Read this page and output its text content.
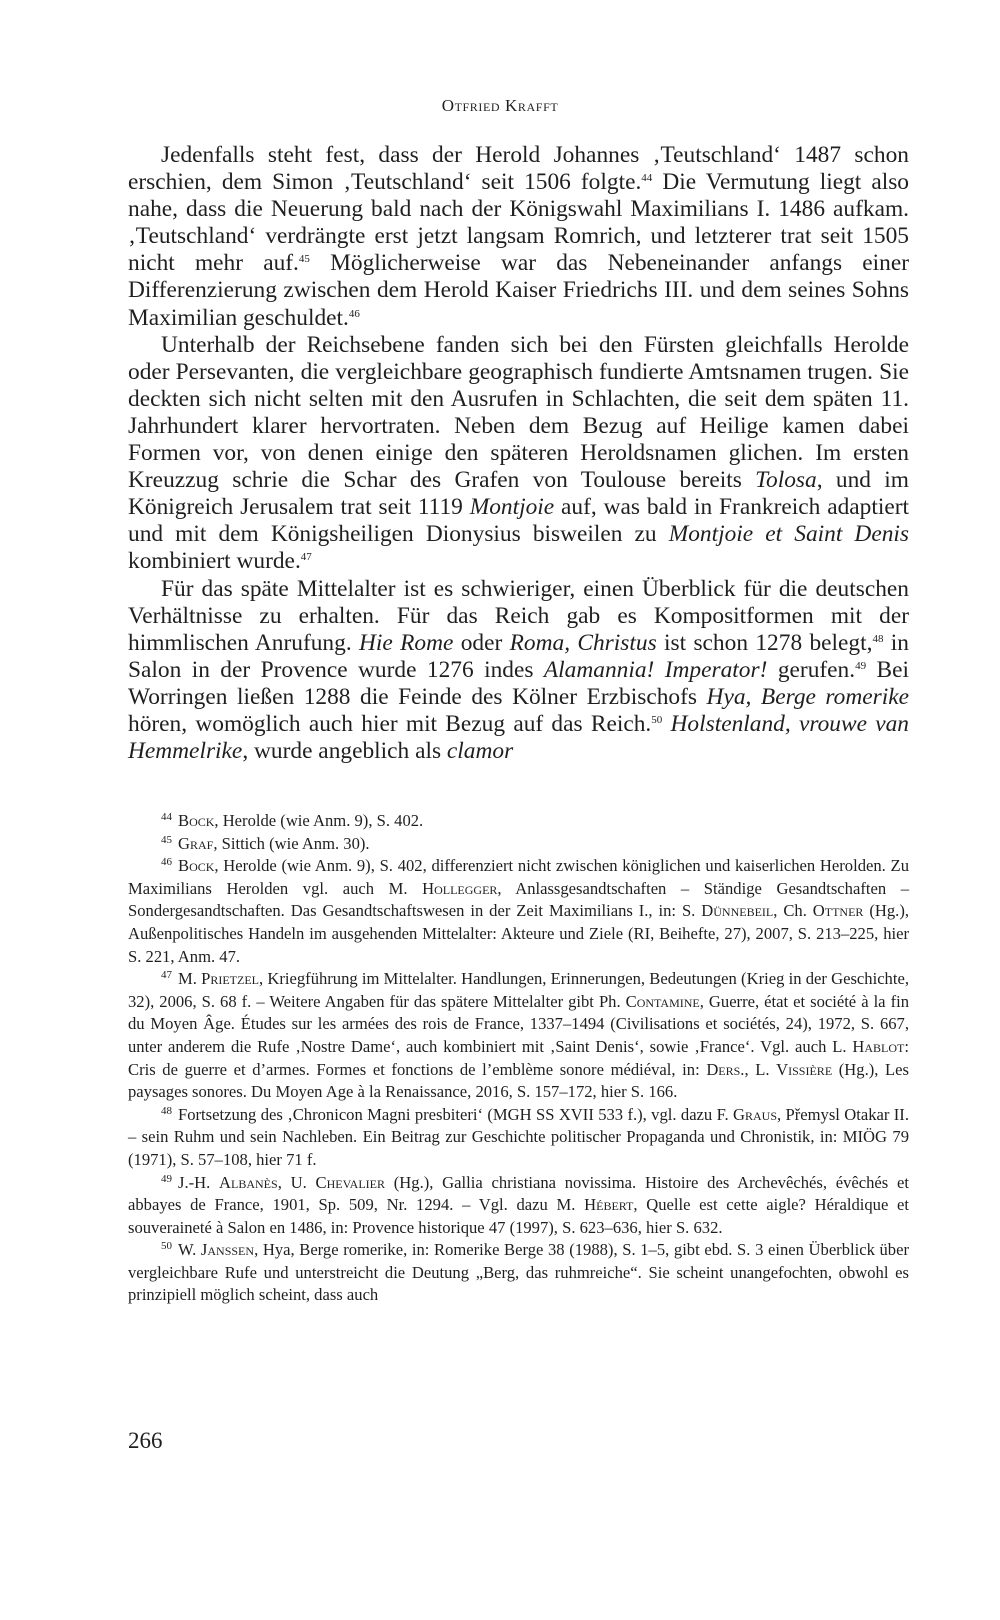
Otfried Krafft

Jedenfalls steht fest, dass der Herold Johannes ‚Teutschland‘ 1487 schon erschien, dem Simon ‚Teutschland‘ seit 1506 folgte.$^{44}$ Die Vermutung liegt also nahe, dass die Neuerung bald nach der Königswahl Maximilians I. 1486 aufkam. ‚Teutschland‘ verdrängte erst jetzt langsam Romrich, und letzterer trat seit 1505 nicht mehr auf.$^{45}$ Möglicherweise war das Nebeneinander anfangs einer Differenzierung zwischen dem Herold Kaiser Friedrichs III. und dem seines Sohns Maximilian geschuldet.$^{46}$

Unterhalb der Reichsebene fanden sich bei den Fürsten gleichfalls Herolde oder Persevanten, die vergleichbare geographisch fundierte Amtsnamen trugen. Sie deckten sich nicht selten mit den Ausrufen in Schlachten, die seit dem späten 11. Jahrhundert klarer hervortraten. Neben dem Bezug auf Heilige kamen dabei Formen vor, von denen einige den späteren Heroldsnamen glichen. Im ersten Kreuzzug schrie die Schar des Grafen von Toulouse bereits Tolosa, und im Königreich Jerusalem trat seit 1119 Montjoie auf, was bald in Frankreich adaptiert und mit dem Königsheiligen Dionysius bisweilen zu Montjoie et Saint Denis kombiniert wurde.$^{47}$

Für das späte Mittelalter ist es schwieriger, einen Überblick für die deutschen Verhältnisse zu erhalten. Für das Reich gab es Kompositformen mit der himmlischen Anrufung. Hie Rome oder Roma, Christus ist schon 1278 belegt,$^{48}$ in Salon in der Provence wurde 1276 indes Alamannia! Imperator! gerufen.$^{49}$ Bei Worringen ließen 1288 die Feinde des Kölner Erzbischofs Hya, Berge romerike hören, womöglich auch hier mit Bezug auf das Reich.$^{50}$ Holstenland, vrouwe van Hemmelrike, wurde angeblich als clamor

$^{44}$ Bock, Herolde (wie Anm. 9), S. 402.

$^{45}$ Graf, Sittich (wie Anm. 30).

$^{46}$ Bock, Herolde (wie Anm. 9), S. 402, differenziert nicht zwischen königlichen und kaiserlichen Herolden. Zu Maximilians Herolden vgl. auch M. Hollegger, Anlassgesandtschaften – Ständige Gesandtschaften – Sondergesandtschaften. Das Gesandtschaftswesen in der Zeit Maximilians I., in: S. Dünnebeil, Ch. Ottner (Hg.), Außenpolitisches Handeln im ausgehenden Mittelalter: Akteure und Ziele (RI, Beihefte, 27), 2007, S. 213–225, hier S. 221, Anm. 47.

$^{47}$ M. Prietzel, Kriegführung im Mittelalter. Handlungen, Erinnerungen, Bedeutungen (Krieg in der Geschichte, 32), 2006, S. 68 f. – Weitere Angaben für das spätere Mittelalter gibt Ph. Contamine, Guerre, état et société à la fin du Moyen Âge. Études sur les armées des rois de France, 1337–1494 (Civilisations et sociétés, 24), 1972, S. 667, unter anderem die Rufe ‚Nostre Dame‘, auch kombiniert mit ‚Saint Denis‘, sowie ‚France‘. Vgl. auch L. Hablot: Cris de guerre et d’armes. Formes et fonctions de l’emblème sonore médiéval, in: Ders., L. Vissière (Hg.), Les paysages sonores. Du Moyen Age à la Renaissance, 2016, S. 157–172, hier S. 166.

$^{48}$ Fortsetzung des ‚Chronicon Magni presbiteri‘ (MGH SS XVII 533 f.), vgl. dazu F. Graus, Přemysl Otakar II. – sein Ruhm und sein Nachleben. Ein Beitrag zur Geschichte politischer Propaganda und Chronistik, in: MIÖG 79 (1971), S. 57–108, hier 71 f.

$^{49}$ J.-H. Albanès, U. Chevalier (Hg.), Gallia christiana novissima. Histoire des Archevêchés, évêchés et abbayes de France, 1901, Sp. 509, Nr. 1294. – Vgl. dazu M. Hébert, Quelle est cette aigle? Héraldique et souveraineté à Salon en 1486, in: Provence historique 47 (1997), S. 623–636, hier S. 632.

$^{50}$ W. Janssen, Hya, Berge romerike, in: Romerike Berge 38 (1988), S. 1–5, gibt ebd. S. 3 einen Überblick über vergleichbare Rufe und unterstreicht die Deutung „Berg, das ruhmreiche“. Sie scheint unangefochten, obwohl es prinzipiell möglich scheint, dass auch

266
